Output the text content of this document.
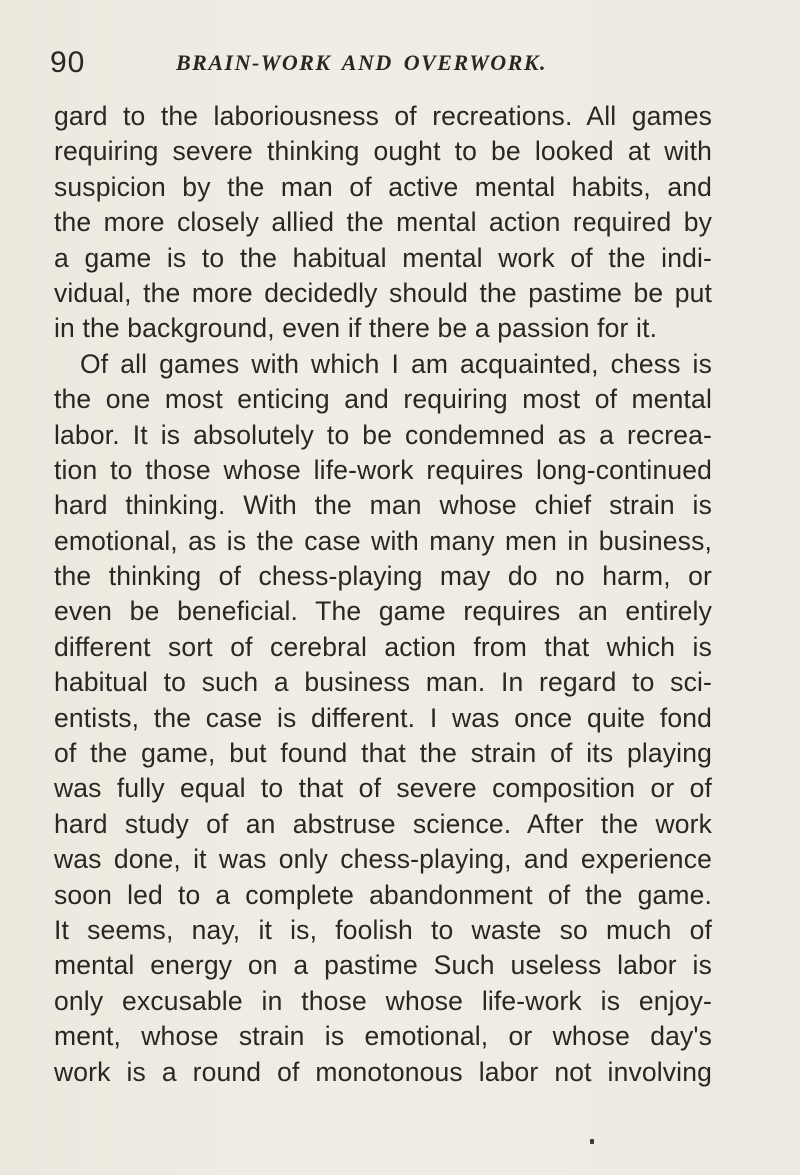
90	BRAIN-WORK AND OVERWORK.
gard to the laboriousness of recreations. All games
requiring severe thinking ought to be looked at with
suspicion by the man of active mental habits, and
the more closely allied the mental action required by
a game is to the habitual mental work of the indi-
vidual, the more decidedly should the pastime be put
in the background, even if there be a passion for it.
Of all games with which I am acquainted, chess is
the one most enticing and requiring most of mental
labor. It is absolutely to be condemned as a recrea-
tion to those whose life-work requires long-continued
hard thinking. With the man whose chief strain is
emotional, as is the case with many men in business,
the thinking of chess-playing may do no harm, or
even be beneficial. The game requires an entirely
different sort of cerebral action from that which is
habitual to such a business man. In regard to sci-
entists, the case is different. I was once quite fond
of the game, but found that the strain of its playing
was fully equal to that of severe composition or of
hard study of an abstruse science. After the work
was done, it was only chess-playing, and experience
soon led to a complete abandonment of the game.
It seems, nay, it is, foolish to waste so much of
mental energy on a pastime Such useless labor is
only excusable in those whose life-work is enjoy-
ment, whose strain is emotional, or whose day's
work is a round of monotonous labor not involving
